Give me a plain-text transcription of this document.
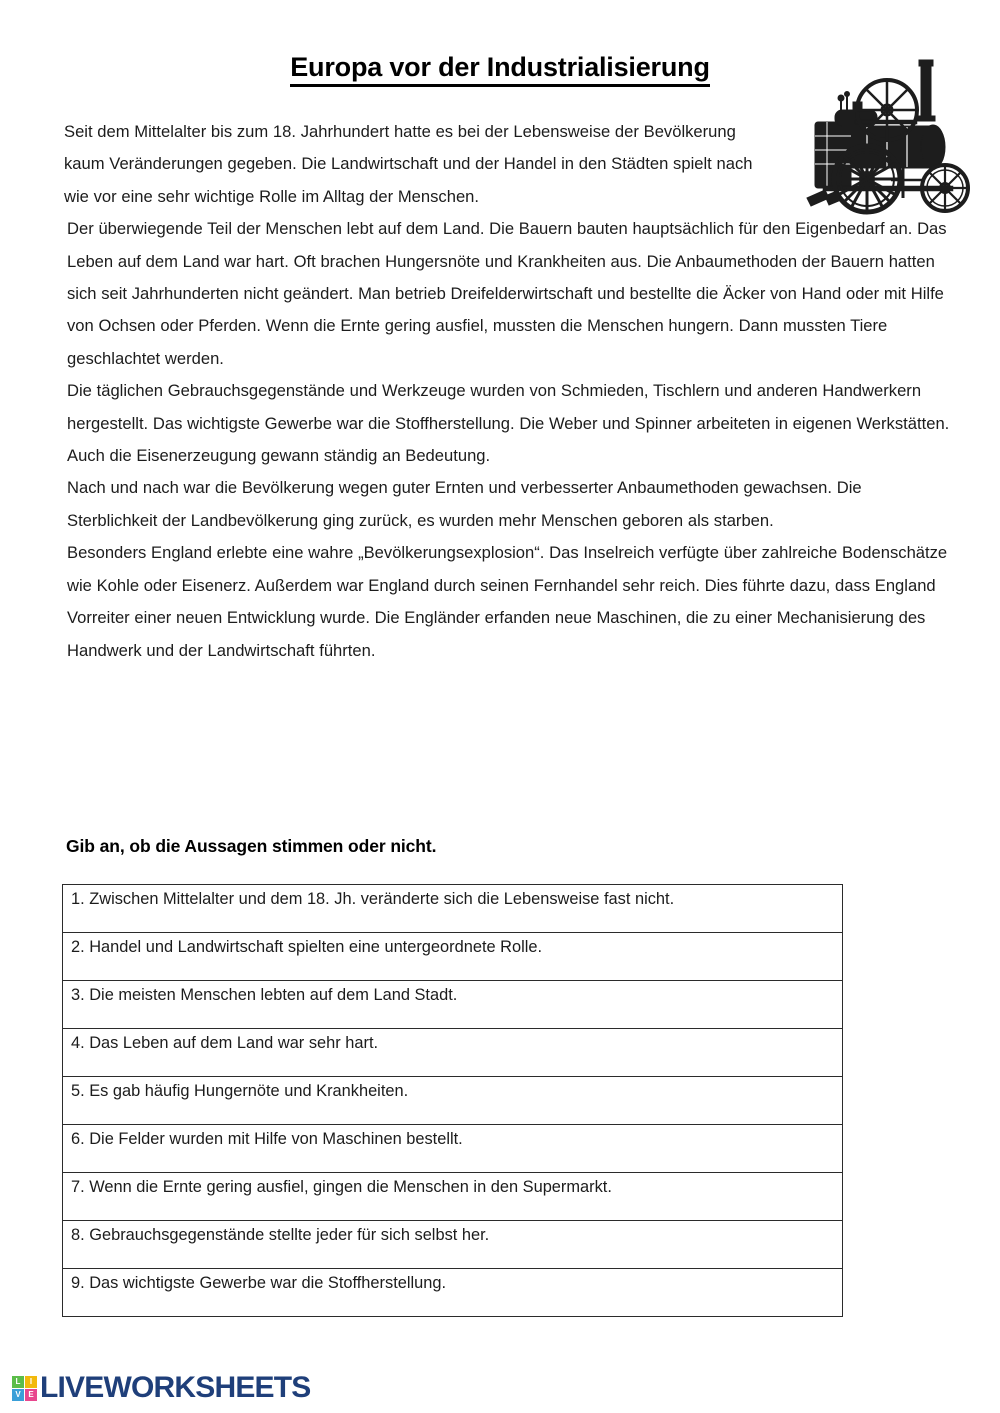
Europa vor der Industrialisierung

Seit dem Mittelalter bis zum 18. Jahrhundert hatte es bei der Lebensweise der Bevölkerung kaum Veränderungen gegeben. Die Landwirtschaft und der Handel in den Städten spielt nach wie vor eine sehr wichtige Rolle im Alltag der Menschen.

Der überwiegende Teil der Menschen lebt auf dem Land. Die Bauern bauten hauptsächlich für den Eigenbedarf an. Das Leben auf dem Land war hart. Oft brachen Hungersnöte und Krankheiten aus. Die Anbaumethoden der Bauern hatten sich seit Jahrhunderten nicht geändert. Man betrieb Dreifelderwirtschaft und bestellte die Äcker von Hand oder mit Hilfe von Ochsen oder Pferden. Wenn die Ernte gering ausfiel, mussten die Menschen hungern. Dann mussten Tiere geschlachtet werden.

Die täglichen Gebrauchsgegenstände und Werkzeuge wurden von Schmieden, Tischlern und anderen Handwerkern hergestellt. Das wichtigste Gewerbe war die Stoffherstellung. Die Weber und Spinner arbeiteten in eigenen Werkstätten. Auch die Eisenerzeugung gewann ständig an Bedeutung.

Nach und nach war die Bevölkerung wegen guter Ernten und verbesserter Anbaumethoden gewachsen. Die Sterblichkeit der Landbevölkerung ging zurück, es wurden mehr Menschen geboren als starben.

Besonders England erlebte eine wahre „Bevölkerungsexplosion“. Das Inselreich verfügte über zahlreiche Bodenschätze wie Kohle oder Eisenerz. Außerdem war England durch seinen Fernhandel sehr reich. Dies führte dazu, dass England Vorreiter einer neuen Entwicklung wurde. Die Engländer erfanden neue Maschinen, die zu einer Mechanisierung des Handwerk und der Landwirtschaft führten.

Gib an, ob die Aussagen stimmen oder nicht.
1. Zwischen Mittelalter und dem 18. Jh. veränderte sich die Lebensweise fast nicht.
2. Handel und Landwirtschaft spielten eine untergeordnete Rolle.
3. Die meisten Menschen lebten auf dem Land Stadt.
4. Das Leben auf dem Land war sehr hart.
5. Es gab häufig Hungernöte und Krankheiten.
6. Die Felder wurden mit Hilfe von Maschinen bestellt.
7. Wenn die Ernte gering ausfiel, gingen die Menschen in den Supermarkt.
8. Gebrauchsgegenstände stellte jeder für sich selbst her.
9. Das wichtigste Gewerbe war die Stoffherstellung.
L	I
V E LIVEWORKSHEETS
